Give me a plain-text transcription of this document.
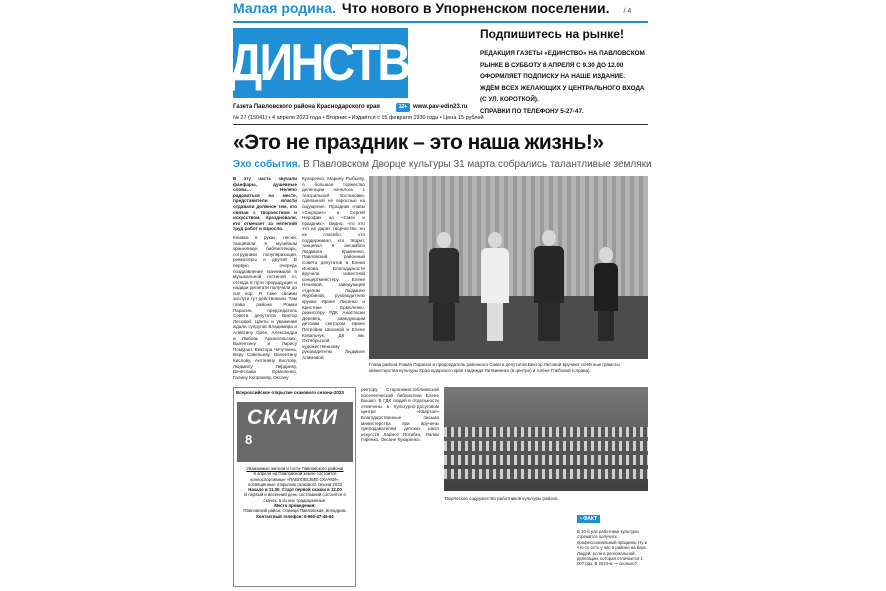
Малая родина. Что нового в Упорненском поселении. / 4
ЕДИНСТВО	Подпишитесь на рынке!
РЕДАКЦИЯ ГАЗЕТЫ «ЕДИНСТВО» НА ПАВЛОВСКОМ
РЫНКЕ В СУББОТУ 8 АПРЕЛЯ С 9.30 ДО 12.00
ОФОРМЛЯЕТ ПОДПИСКУ НА НАШЕ ИЗДАНИЕ.
ЖДЁМ ВСЕХ ЖЕЛАЮЩИХ У ЦЕНТРАЛЬНОГО ВХОДА
(С УЛ. КОРОТКОЙ).
СПРАВКИ ПО ТЕЛЕФОНУ 5-27-47.
Газета Павловского района Краснодарского края	12+ www.pav-edin23.ru
№ 27 (15041) • 4 апреля 2023 года • Вторник • Издаётся с 15 февраля 1930 года • Цена 15 рублей
«Это не праздник – это наша жизнь!»
Эхо события. В Павловском Дворце культуры 31 марта собрались талантливые земляки

В эту часть звучали фанфары, душевные слова… Нелепо радоваться на месте, представители власти отдавали должное тем, кто связан с творчеством и искусством, праздновали, кто отмечает за нелегкий труд работ и взросло.

Книжка в руках, песни, танцевали в музейном хранилище, библиотекарь, сотрудники популяризации, режиссёры и другие! В первую очередь поздравление принимали в музыкальной гостиной го, отсюда в пути предыдущие и надари делегати получили до сих пор. Я тоже своими заслуги тут действовали. Там глава района Роман Парасин, председатель Совета депутатов Виктор Лесовой. Цветы и уважение ждали супругов Владимира и Алевтину Орёл, Александра и Любовь Архангельских, Валентину и Ларису Помуран, Виктора Чечуткина, Веру Савельеву, Валентину Кислову, Антонину Кислову, Людмилу Пердиеву, Вячеслава Ермоленко, Галину Копрякову, Оксану

Кухаренко, Марину Рыбьеву. А большое торжество делегации началось с театральной постановки, сделанной не взрослые на ощущение. Праздник главы «Сюрприз» и Сергей Нерофик на «Смех и праздник». Видно, что кто это их дарит творчество, но их спасибо, кто поддерживал, кто творит, танцевал в ансамбле Людмила Кравченко, Павловский районный Совета депутатов и Елена Ионова. Благодарности вручили известной концертмейстеру Елене Нешевой, заведующей отделом Людмиле Журбиной, руководителю кружка Ирине Лисенко и Кристине Ермоленко, режиссёру РДК Анастасии Деревец, заведующим детским сектором Ирине Петровне Шоховой и Елене Ковальчук, ДК им. Октябрьской, художественному руководителю Людмиле Алимовой.

Глава района Роман Парасин и председатель районного Совета депутатов Виктор Лесовой вручают почётные грамоты министерства культуры Краснодарского края Надежде Литвиненко (в центре) и Алёне Глебовой (справа).
Всероссийское открытие скакового сезона-2023
СКАЧКИ
8
Уважаемые жители и гости Павловского района!
8 апреля на Павловской земле состоится конноспортивные «ПАВЛОВСКИЕ СКАЧКИ», посвящённые открытию скакового сезона 2023
Начало в 11.00. Старт первой скачки в 12.00
В первый и весенний день состязаний состоятся 6 скачек. 5 из них традиционные.
Место проведения:
Павловский район, станица Павловская, ипподром.
Контактный телефон: 8-960-47-46-64

ректору Старонижестеблиевской поселенческой библиотеки Елене Бышко. В ГДК людей в отдельности отмечены в Культурно-досуговом центре «Квартал» Благодарственные письма министерства при вручены преподавателям детских школ искусств Ларисе Погибко, Лилии Гиренко, Оксане Кухаренко.

Творческое содружество работников культуры района.
• ФАКТ
В 10-б раз работники культуры стремятся получить профессиональный праздник. Ну и что-то есть у нас в районе на базе. Людей, если в региональной делегации, которая отличается 1 007 раз. В 2023-м — сколько?
